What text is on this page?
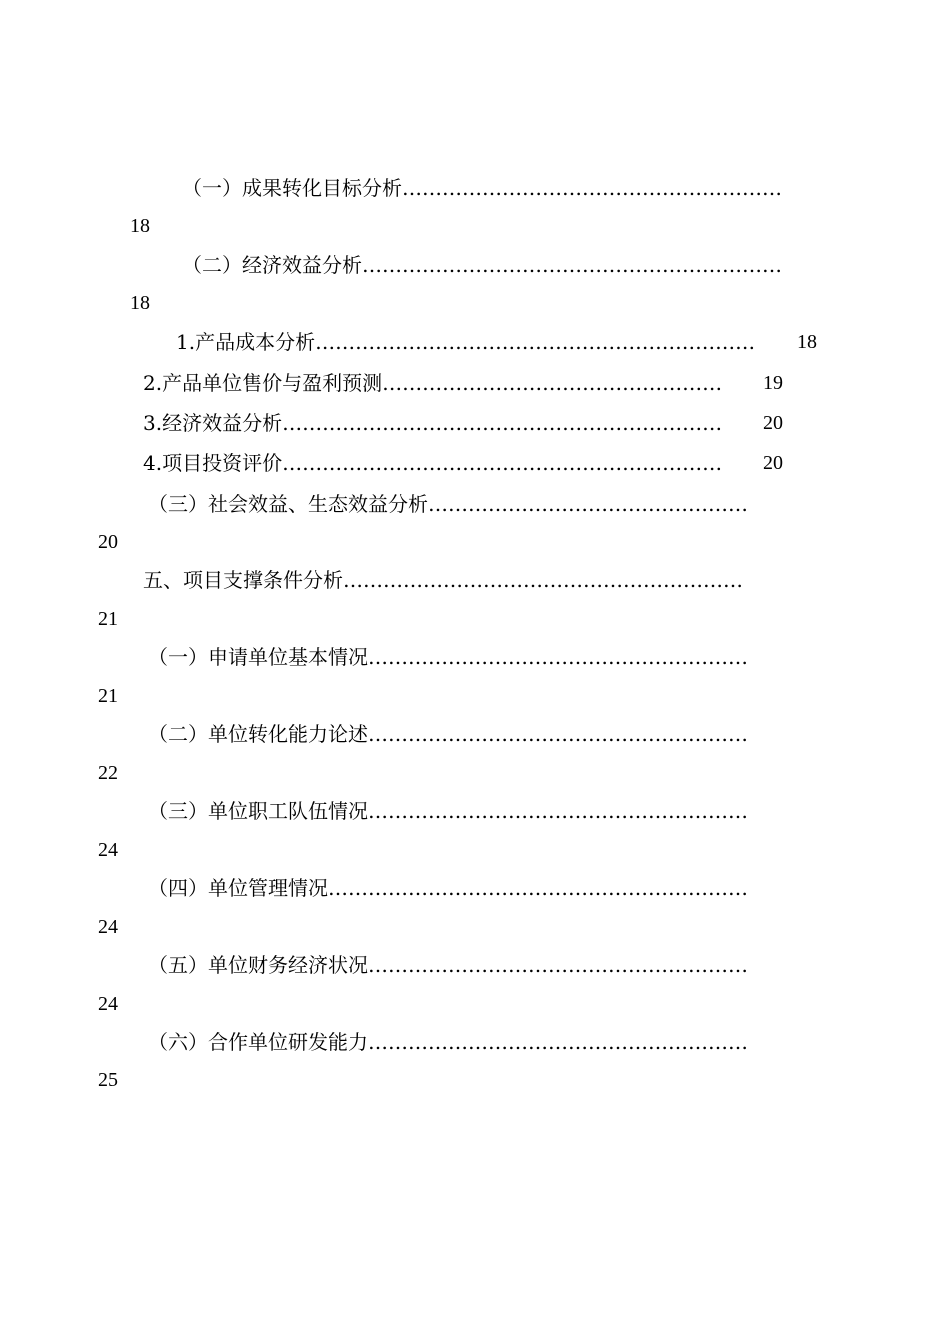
（一）成果转化目标分析…………………………………………………
18
（二）经济效益分析………………………………………………………
18
1.产品成本分析…………………………………………………………	18
2.产品单位售价与盈利预测……………………………………………	19
3.经济效益分析…………………………………………………………	20
4.项目投资评价…………………………………………………………	20
（三）社会效益、生态效益分析…………………………………………
20
五、项目支撑条件分析……………………………………………………
21
（一）申请单位基本情况…………………………………………………
21
（二）单位转化能力论述…………………………………………………
22
（三）单位职工队伍情况…………………………………………………
24
（四）单位管理情况………………………………………………………
24
（五）单位财务经济状况…………………………………………………
24
（六）合作单位研发能力…………………………………………………
25
